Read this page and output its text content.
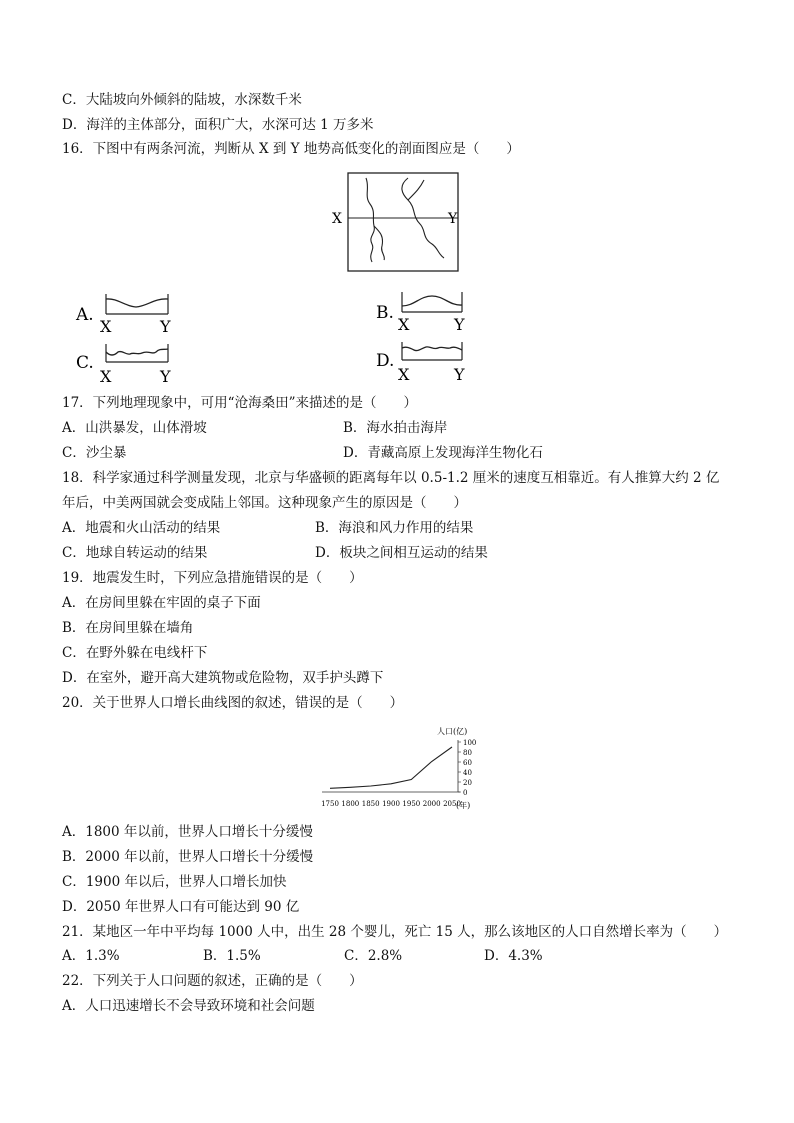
C．大陆坡向外倾斜的陆坡，水深数千米
D．海洋的主体部分，面积广大，水深可达 1 万多米
16．下图中有两条河流，判断从 X 到 Y 地势高低变化的剖面图应是（　　）
X	Y
A.
X	Y
B.
X	Y
C.
X	Y
D.
X	Y
17．下列地理现象中，可用“沧海桑田”来描述的是（　　）
A．山洪暴发，山体滑坡	B．海水拍击海岸
C．沙尘暴	D．青藏高原上发现海洋生物化石
18．科学家通过科学测量发现，北京与华盛顿的距离每年以 0.5-1.2 厘米的速度互相靠近。有人推算大约 2 亿
年后，中美两国就会变成陆上邻国。这种现象产生的原因是（　　）
A．地震和火山活动的结果	B．海浪和风力作用的结果
C．地球自转运动的结果	D．板块之间相互运动的结果
19．地震发生时，下列应急措施错误的是（　　）
A．在房间里躲在牢固的桌子下面
B．在房间里躲在墙角
C．在野外躲在电线杆下
D．在室外，避开高大建筑物或危险物，双手护头蹲下
20．关于世界人口增长曲线图的叙述，错误的是（　　）
人口(亿)
(年)
0
20
40
60
80
100
1750 1800 1850 1900 1950 2000 2050
A．1800 年以前，世界人口增长十分缓慢
B．2000 年以前，世界人口增长十分缓慢
C．1900 年以后，世界人口增长加快
D．2050 年世界人口有可能达到 90 亿
21．某地区一年中平均每 1000 人中，出生 28 个婴儿，死亡 15 人，那么该地区的人口自然增长率为（　　）
A．1.3%	B．1.5%	C．2.8%	D．4.3%
22．下列关于人口问题的叙述，正确的是（　　）
A．人口迅速增长不会导致环境和社会问题
